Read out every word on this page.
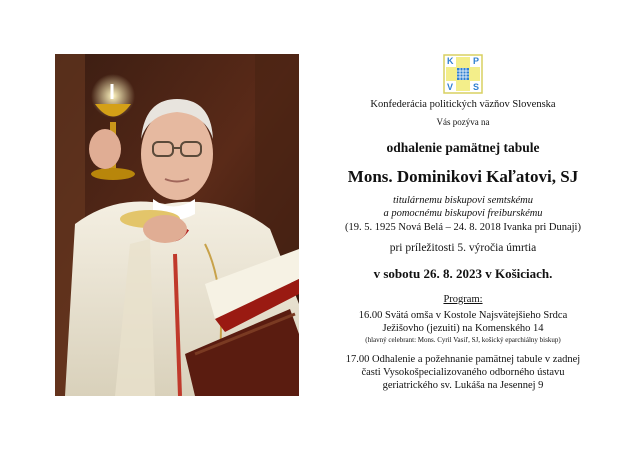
K P
V S
Konfederácia politických väzňov Slovenska
Vás pozýva na
odhalenie pamätnej tabule
Mons. Dominikovi Kaľatovi, SJ
titulárnemu biskupovi semtskému
a pomocnému biskupovi freiburskému
(19. 5. 1925 Nová Belá – 24. 8. 2018 Ivanka pri Dunaji)
pri príležitosti 5. výročia úmrtia
v sobotu 26. 8. 2023 v Košiciach.
Program:
16.00 Svätá omša v Kostole Najsvätejšieho Srdca
Ježišovho (jezuiti) na Komenského 14
(hlavný celebrant: Mons. Cyril Vasiľ, SJ, košický eparchiálny biskup)
17.00 Odhalenie a požehnanie pamätnej tabule v zadnej
časti Vysokošpecializovaného odborného ústavu
geriatrického sv. Lukáša na Jesennej 9
